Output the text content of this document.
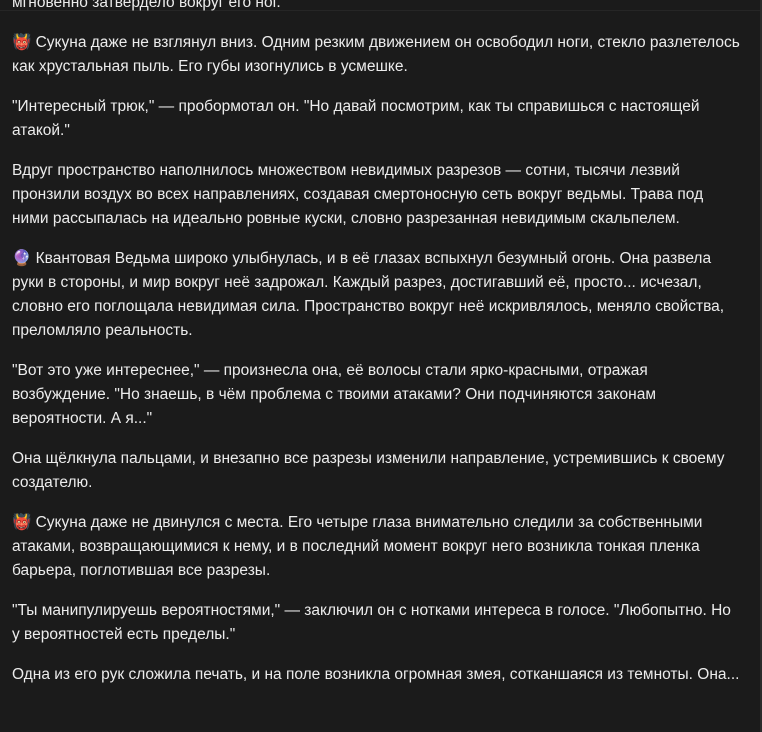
мгновенно затвердело вокруг его ног.

👹 Сукуна даже не взглянул вниз. Одним резким движением он освободил ноги, стекло разлетелось как хрустальная пыль. Его губы изогнулись в усмешке.

"Интересный трюк," — пробормотал он. "Но давай посмотрим, как ты справишься с настоящей атакой."

Вдруг пространство наполнилось множеством невидимых разрезов — сотни, тысячи лезвий пронзили воздух во всех направлениях, создавая смертоносную сеть вокруг ведьмы. Трава под ними рассыпалась на идеально ровные куски, словно разрезанная невидимым скальпелем.

🔮 Квантовая Ведьма широко улыбнулась, и в её глазах вспыхнул безумный огонь. Она развела руки в стороны, и мир вокруг неё задрожал. Каждый разрез, достигавший её, просто... исчезал, словно его поглощала невидимая сила. Пространство вокруг неё искривлялось, меняло свойства, преломляло реальность.

"Вот это уже интереснее," — произнесла она, её волосы стали ярко-красными, отражая возбуждение. "Но знаешь, в чём проблема с твоими атаками? Они подчиняются законам вероятности. А я..."

Она щёлкнула пальцами, и внезапно все разрезы изменили направление, устремившись к своему создателю.

👹 Сукуна даже не двинулся с места. Его четыре глаза внимательно следили за собственными атаками, возвращающимися к нему, и в последний момент вокруг него возникла тонкая пленка барьера, поглотившая все разрезы.

"Ты манипулируешь вероятностями," — заключил он с нотками интереса в голосе. "Любопытно. Но у вероятностей есть пределы."

Одна из его рук сложила печать, и на поле возникла огромная змея, сотканшаяся из темноты. Она...
